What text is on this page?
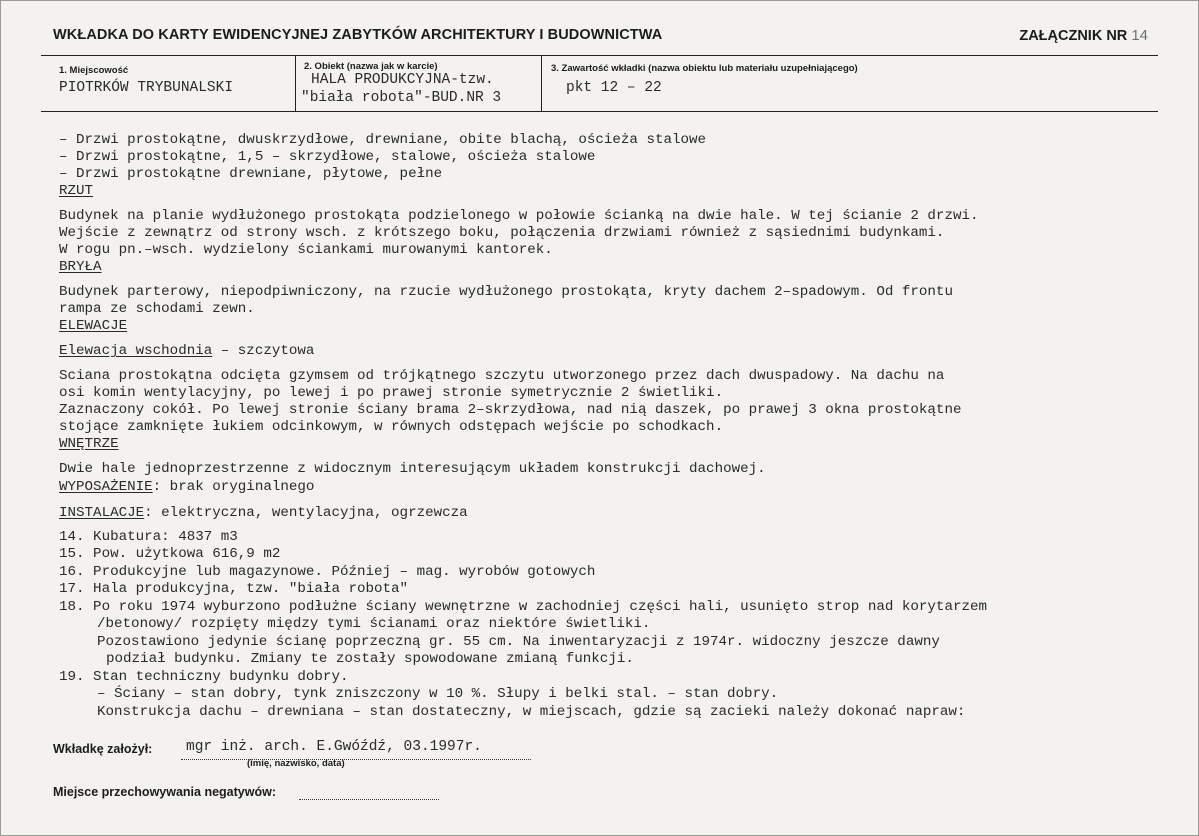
WKŁADKA DO KARTY EWIDENCYJNEJ ZABYTKÓW ARCHITEKTURY I BUDOWNICTWA	ZAŁĄCZNIK NR 14
1. Miejscowość
PIOTRKÓW TRYBUNALSKI
2. Obiekt (nazwa jak w karcie)
HALA PRODUKCYJNA-tzw.
"biała robota"-BUD.NR 3
3. Zawartość wkładki (nazwa obiektu lub materiału uzupełniającego)
pkt 12 – 22
– Drzwi prostokątne, dwuskrzydłowe, drewniane, obite blachą, ościeża stalowe
– Drzwi prostokątne, 1,5 – skrzydłowe, stalowe, ościeża stalowe
– Drzwi prostokątne drewniane, płytowe, pełne
RZUT
Budynek na planie wydłużonego prostokąta podzielonego w połowie ścianką na dwie hale. W tej ścianie 2 drzwi.
Wejście z zewnątrz od strony wsch. z krótszego boku, połączenia drzwiami również z sąsiednimi budynkami.
W rogu pn.–wsch. wydzielony ściankami murowanymi kantorek.
BRYŁA
Budynek parterowy, niepodpiwniczony, na rzucie wydłużonego prostokąta, kryty dachem 2–spadowym. Od frontu
rampa ze schodami zewn.
ELEWACJE
Elewacja wschodnia – szczytowa
Sciana prostokątna odcięta gzymsem od trójkątnego szczytu utworzonego przez dach dwuspadowy. Na dachu na
osi komin wentylacyjny, po lewej i po prawej stronie symetrycznie 2 świetliki.
Zaznaczony cokół. Po lewej stronie ściany brama 2–skrzydłowa, nad nią daszek, po prawej 3 okna prostokątne
stojące zamknięte łukiem odcinkowym, w równych odstępach wejście po schodkach.
WNĘTRZE
Dwie hale jednoprzestrzenne z widocznym interesującym układem konstrukcji dachowej.
WYPOSAŻENIE: brak oryginalnego
INSTALACJE: elektryczna, wentylacyjna, ogrzewcza
14. Kubatura: 4837 m3
15. Pow. użytkowa 616,9 m2
16. Produkcyjne lub magazynowe. Później – mag. wyrobów gotowych
17. Hala produkcyjna, tzw. "biała robota"
18. Po roku 1974 wyburzono podłużne ściany wewnętrzne w zachodniej części hali, usunięto strop nad korytarzem
/betonowy/ rozpięty między tymi ścianami oraz niektóre świetliki.
Pozostawiono jedynie ścianę poprzeczną gr. 55 cm. Na inwentaryzacji z 1974r. widoczny jeszcze dawny
podział budynku. Zmiany te zostały spowodowane zmianą funkcji.
19. Stan techniczny budynku dobry.
– Ściany – stan dobry, tynk zniszczony w 10 %. Słupy i belki stal. – stan dobry.
Konstrukcja dachu – drewniana – stan dostateczny, w miejscach, gdzie są zacieki należy dokonać napraw:
Wkładkę założył: mgr inż. arch. E.Gwóźdź, 03.1997r.
(imię, nazwisko, data)
Miejsce przechowywania negatywów:
